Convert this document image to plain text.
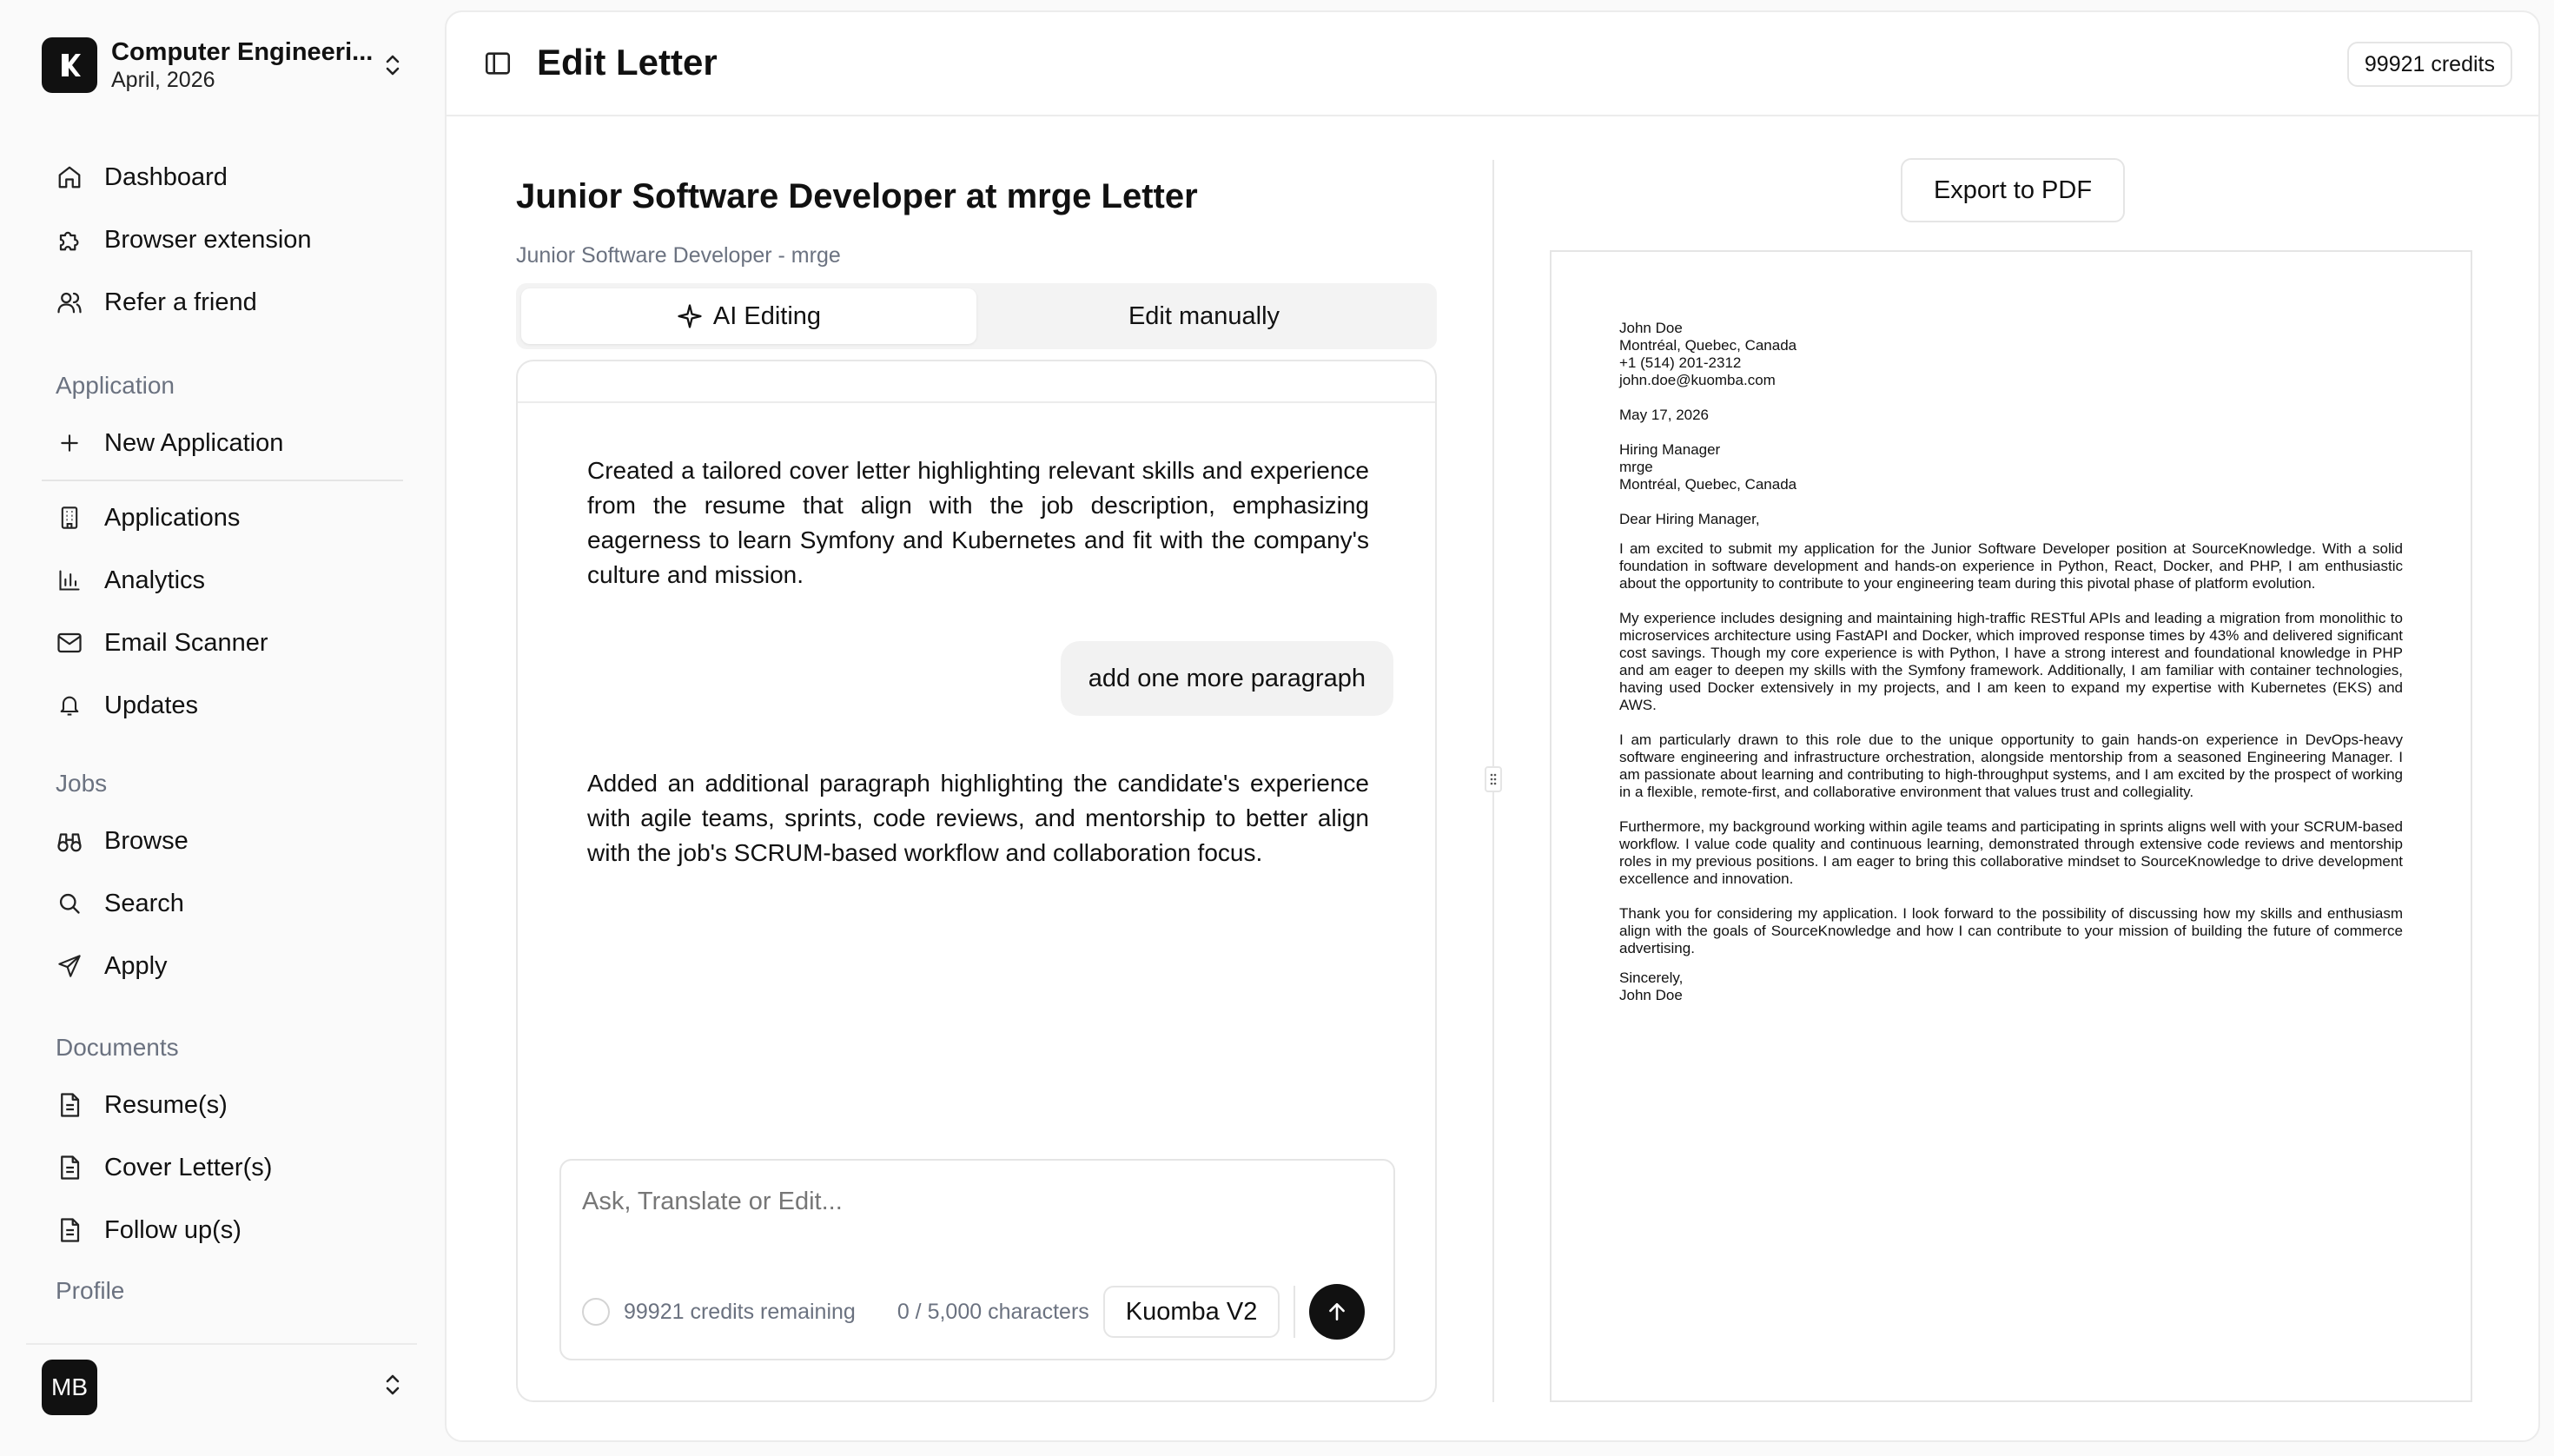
Computer Engineeri...
April, 2026
Dashboard
Browser extension
Refer a friend
Application
New Application
Applications
Analytics
Email Scanner
Updates
Jobs
Browse
Search
Apply
Documents
Resume(s)
Cover Letter(s)
Follow up(s)
Profile
MB
Edit Letter	99921 credits
Junior Software Developer at mrge Letter
Junior Software Developer - mrge
AI Editing	Edit manually
Created a tailored cover letter highlighting relevant skills and experience from the resume that align with the job description, emphasizing eagerness to learn Symfony and Kubernetes and fit with the company's culture and mission.
add one more paragraph
Added an additional paragraph highlighting the candidate's experience with agile teams, sprints, code reviews, and mentorship to better align with the job's SCRUM-based workflow and collaboration focus.
Ask, Translate or Edit...
99921 credits remaining 0 / 5,000 characters	Kuomba V2
Export to PDF
John Doe
Montréal, Quebec, Canada
+1 (514) 201-2312
john.doe@kuomba.com
May 17, 2026
Hiring Manager
mrge
Montréal, Quebec, Canada
Dear Hiring Manager,
I am excited to submit my application for the Junior Software Developer position at SourceKnowledge. With a solid foundation in software development and hands-on experience in Python, React, Docker, and PHP, I am enthusiastic about the opportunity to contribute to your engineering team during this pivotal phase of platform evolution.
My experience includes designing and maintaining high-traffic RESTful APIs and leading a migration from monolithic to microservices architecture using FastAPI and Docker, which improved response times by 43% and delivered significant cost savings. Though my core experience is with Python, I have a strong interest and foundational knowledge in PHP and am eager to deepen my skills with the Symfony framework. Additionally, I am familiar with container technologies, having used Docker extensively in my projects, and I am keen to expand my expertise with Kubernetes (EKS) and AWS.
I am particularly drawn to this role due to the unique opportunity to gain hands-on experience in DevOps-heavy software engineering and infrastructure orchestration, alongside mentorship from a seasoned Engineering Manager. I am passionate about learning and contributing to high-throughput systems, and I am excited by the prospect of working in a flexible, remote-first, and collaborative environment that values trust and collegiality.
Furthermore, my background working within agile teams and participating in sprints aligns well with your SCRUM-based workflow. I value code quality and continuous learning, demonstrated through extensive code reviews and mentorship roles in my previous positions. I am eager to bring this collaborative mindset to SourceKnowledge to drive development excellence and innovation.
Thank you for considering my application. I look forward to the possibility of discussing how my skills and enthusiasm align with the goals of SourceKnowledge and how I can contribute to your mission of building the future of commerce advertising.
Sincerely,
John Doe
